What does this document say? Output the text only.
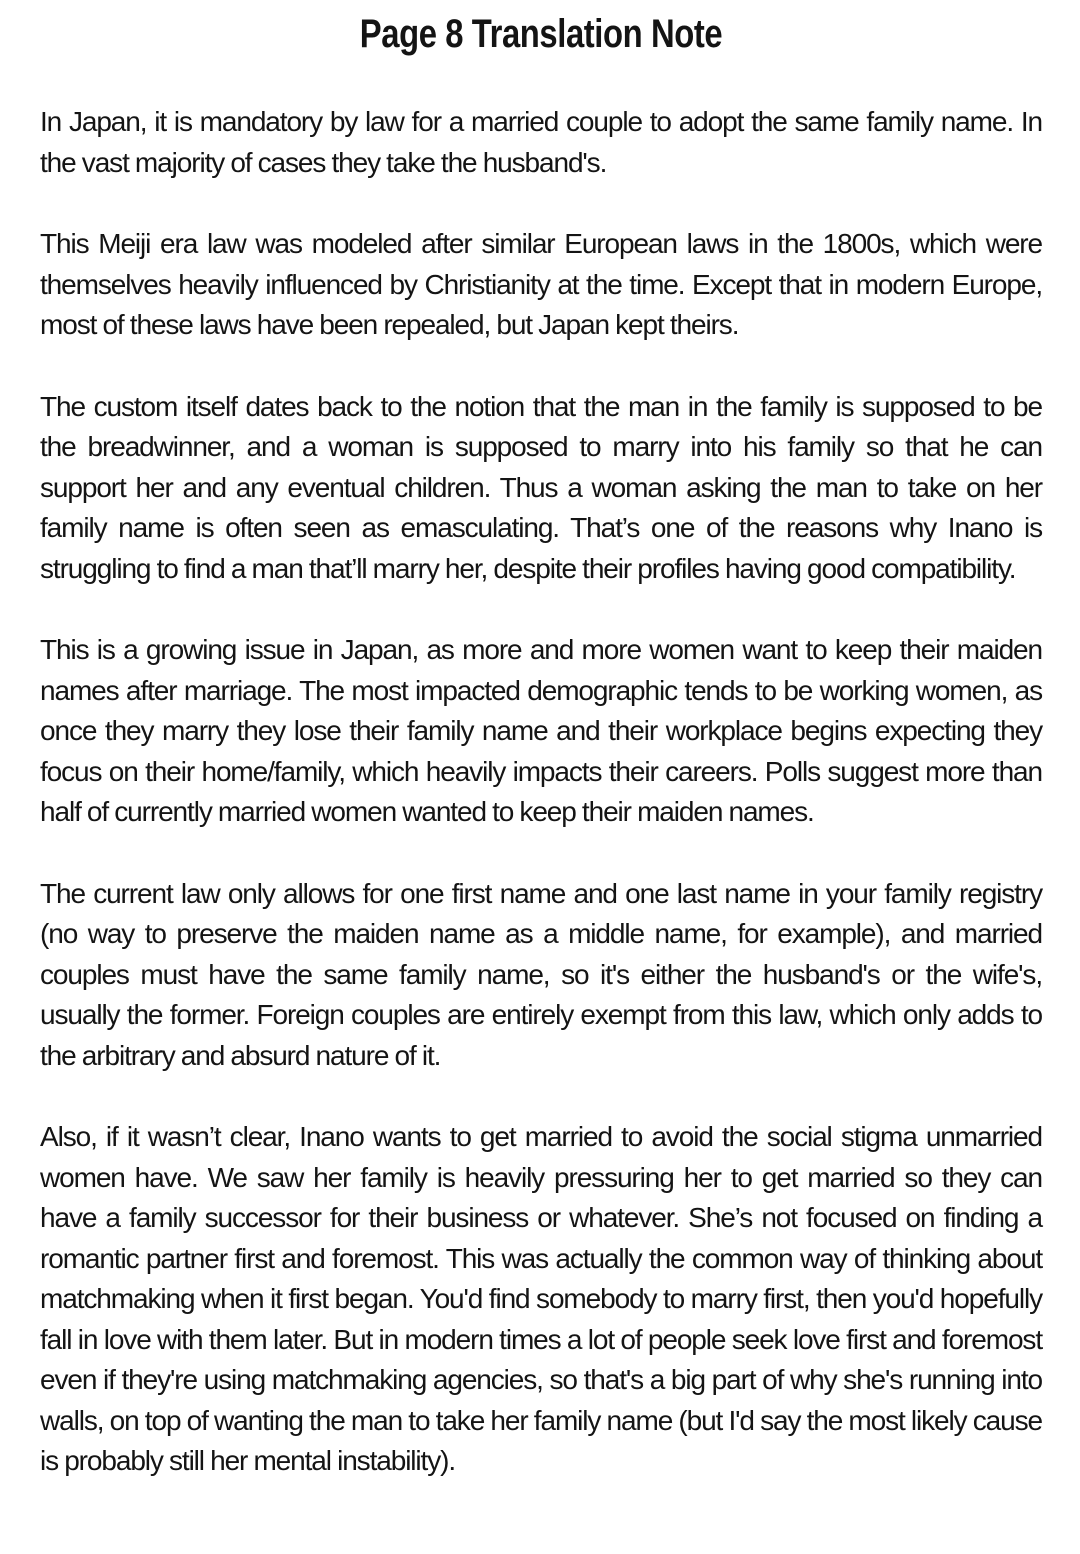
Page 8 Translation Note

In Japan, it is mandatory by law for a married couple to adopt the same family name. In the vast majority of cases they take the husband's.

This Meiji era law was modeled after similar European laws in the 1800s, which were themselves heavily influenced by Christianity at the time. Except that in modern Europe, most of these laws have been repealed, but Japan kept theirs.

The custom itself dates back to the notion that the man in the family is supposed to be the breadwinner, and a woman is supposed to marry into his family so that he can support her and any eventual children. Thus a woman asking the man to take on her family name is often seen as emasculating. That’s one of the reasons why Inano is struggling to find a man that’ll marry her, despite their profiles having good compatibility.

This is a growing issue in Japan, as more and more women want to keep their maiden names after marriage. The most impacted demographic tends to be working women, as once they marry they lose their family name and their workplace begins expecting they focus on their home/family, which heavily impacts their careers. Polls suggest more than half of currently married women wanted to keep their maiden names.

The current law only allows for one first name and one last name in your family registry (no way to preserve the maiden name as a middle name, for example), and married couples must have the same family name, so it's either the husband's or the wife's, usually the former. Foreign couples are entirely exempt from this law, which only adds to the arbitrary and absurd nature of it.

Also, if it wasn’t clear, Inano wants to get married to avoid the social stigma unmarried women have. We saw her family is heavily pressuring her to get married so they can have a family successor for their business or whatever. She’s not focused on finding a romantic partner first and foremost. This was actually the common way of thinking about matchmaking when it first began. You'd find somebody to marry first, then you'd hopefully fall in love with them later. But in modern times a lot of people seek love first and foremost even if they're using matchmaking agencies, so that's a big part of why she's running into walls, on top of wanting the man to take her family name (but I'd say the most likely cause is probably still her mental instability).
